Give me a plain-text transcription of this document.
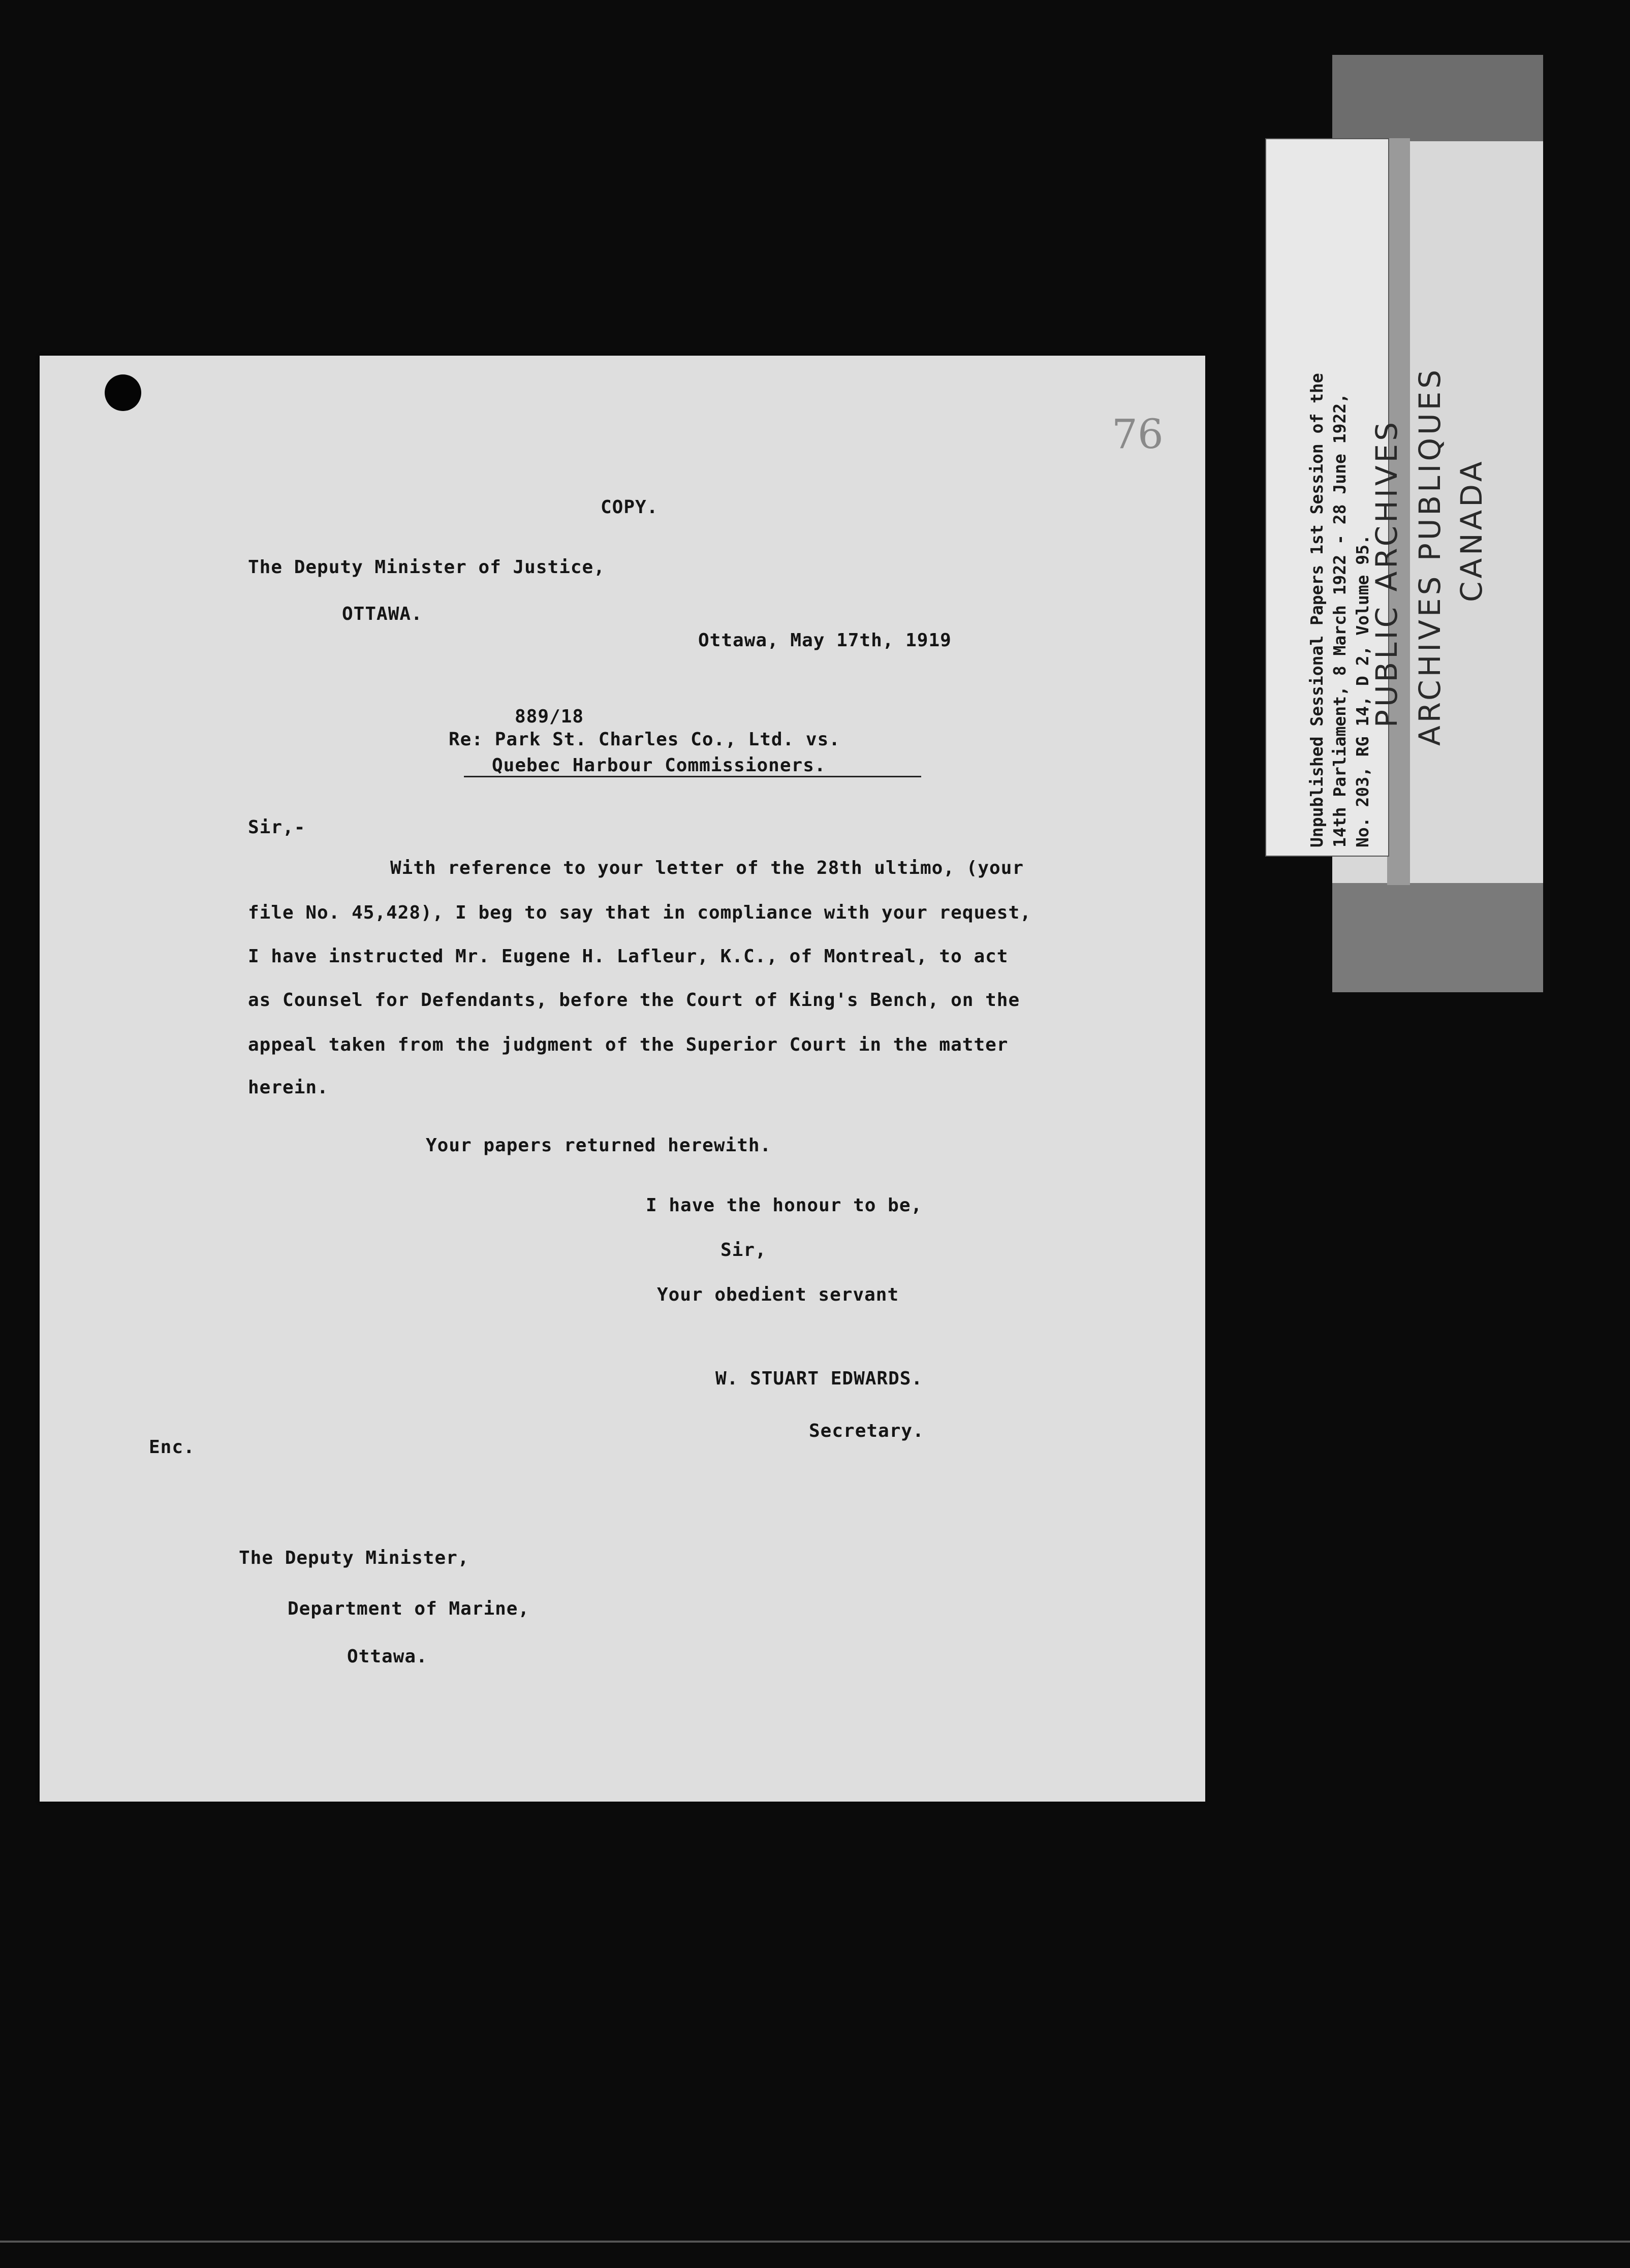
76
COPY.
The Deputy Minister of Justice,
OTTAWA.
Ottawa, May 17th, 1919
889/18
Re: Park St. Charles Co., Ltd. vs.
Quebec Harbour Commissioners.
Sir,-
With reference to your letter of the 28th ultimo, (your
file No. 45,428), I beg to say that in compliance with your request,
I have instructed Mr. Eugene H. Lafleur, K.C., of Montreal, to act
as Counsel for Defendants, before the Court of King's Bench, on the
appeal taken from the judgment of the Superior Court in the matter
herein.
Your papers returned herewith.
I have the honour to be,
Sir,
Your obedient servant
W. STUART EDWARDS.
Secretary.
Enc.
The Deputy Minister,
Department of Marine,
Ottawa.
Unpublished Sessional Papers 1st Session of the 14th Parliament, 8 March 1922 - 28 June 1922, No. 203, RG 14, D 2, Volume 95.
PUBLIC ARCHIVES ARCHIVES PUBLIQUES CANADA
